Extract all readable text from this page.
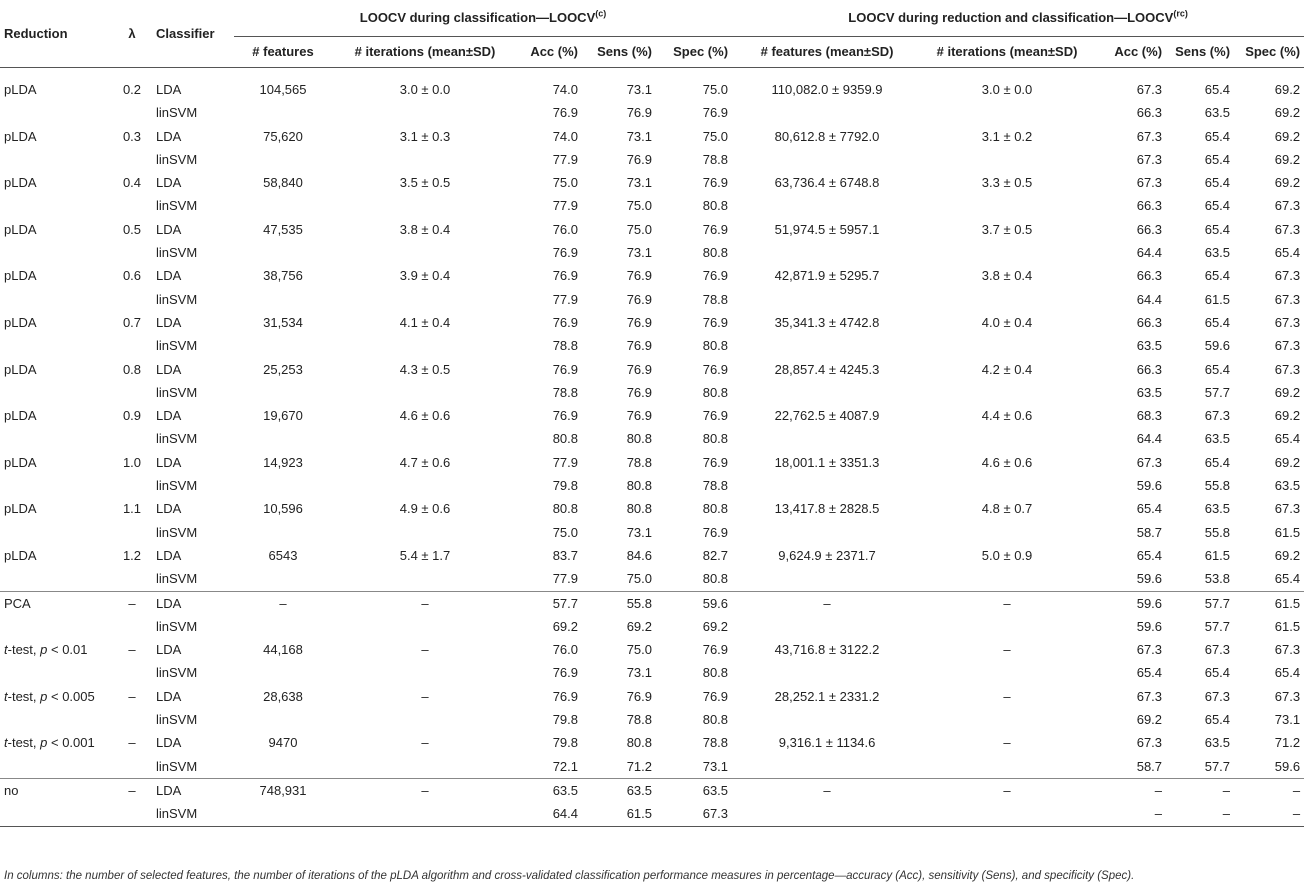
Reduction	λ	Classifier	LOOCV during classification—LOOCV$^{(c)}$					LOOCV during reduction and $classification—LOOCV^{(rc)}$
			# features	# iterations (mean±SD)	Acc (%)	Sens (%)	Spec (%)	# features (mean±SD)	# iterations (mean±SD)	Acc (%)	Sens (%)	Spec (%)
pLDA	0.2	LDA	104,565	3.0 ± 0.0	74.0	73.1	75.0	110,082.0 ± 9359.9	3.0 ± 0.0	67.3	65.4	69.2
		linSVM			76.9	76.9	76.9			66.3	63.5	69.2
pLDA	0.3	LDA	75,620	3.1 ± 0.3	74.0	73.1	75.0	80,612.8 ± 7792.0	3.1 ± 0.2	67.3	65.4	69.2
		linSVM			77.9	76.9	78.8			67.3	65.4	69.2
pLDA	0.4	LDA	58,840	3.5 ± 0.5	75.0	73.1	76.9	63,736.4 ± 6748.8	3.3 ± 0.5	67.3	65.4	69.2
		linSVM			77.9	75.0	80.8			66.3	65.4	67.3
pLDA	0.5	LDA	47,535	3.8 ± 0.4	76.0	75.0	76.9	51,974.5 ± 5957.1	3.7 ± 0.5	66.3	65.4	67.3
		linSVM			76.9	73.1	80.8			64.4	63.5	65.4
pLDA	0.6	LDA	38,756	3.9 ± 0.4	76.9	76.9	76.9	42,871.9 ± 5295.7	3.8 ± 0.4	66.3	65.4	67.3
		linSVM			77.9	76.9	78.8			64.4	61.5	67.3
pLDA	0.7	LDA	31,534	4.1 ± 0.4	76.9	76.9	76.9	35,341.3 ± 4742.8	4.0 ± 0.4	66.3	65.4	67.3
		linSVM			78.8	76.9	80.8			63.5	59.6	67.3
pLDA	0.8	LDA	25,253	4.3 ± 0.5	76.9	76.9	76.9	28,857.4 ± 4245.3	4.2 ± 0.4	66.3	65.4	67.3
		linSVM			78.8	76.9	80.8			63.5	57.7	69.2
pLDA	0.9	LDA	19,670	4.6 ± 0.6	76.9	76.9	76.9	22,762.5 ± 4087.9	4.4 ± 0.6	68.3	67.3	69.2
		linSVM			80.8	80.8	80.8			64.4	63.5	65.4
pLDA	1.0	LDA	14,923	4.7 ± 0.6	77.9	78.8	76.9	18,001.1 ± 3351.3	4.6 ± 0.6	67.3	65.4	69.2
		linSVM			79.8	80.8	78.8			59.6	55.8	63.5
pLDA	1.1	LDA	10,596	4.9 ± 0.6	80.8	80.8	80.8	13,417.8 ± 2828.5	4.8 ± 0.7	65.4	63.5	67.3
		linSVM			75.0	73.1	76.9			58.7	55.8	61.5
pLDA	1.2	LDA	6543	5.4 ± 1.7	83.7	84.6	82.7	9,624.9 ± 2371.7	5.0 ± 0.9	65.4	61.5	69.2
		linSVM			77.9	75.0	80.8			59.6	53.8	65.4
PCA	–	LDA	–	–	57.7	55.8	59.6	–	–	59.6	57.7	61.5
		linSVM			69.2	69.2	69.2			59.6	57.7	61.5
t-test, p < 0.01	–	LDA	44,168	–	76.0	75.0	76.9	43,716.8 ± 3122.2	–	67.3	67.3	67.3
		linSVM			76.9	73.1	80.8			65.4	65.4	65.4
t-test, p < 0.005	–	LDA	28,638	–	76.9	76.9	76.9	28,252.1 ± 2331.2	–	67.3	67.3	67.3
		linSVM			79.8	78.8	80.8			69.2	65.4	73.1
t-test, p < 0.001	–	LDA	9470	–	79.8	80.8	78.8	9,316.1 ± 1134.6	–	67.3	63.5	71.2
		linSVM			72.1	71.2	73.1			58.7	57.7	59.6
no	–	LDA	748,931	–	63.5	63.5	63.5	–	–	–	–	–
		linSVM			64.4	61.5	67.3			–	–	–
In columns: the number of selected features, the number of iterations of the pLDA algorithm and cross-validated classification performance measures in percentage—accuracy (Acc), sensitivity (Sens), and specificity (Spec).
